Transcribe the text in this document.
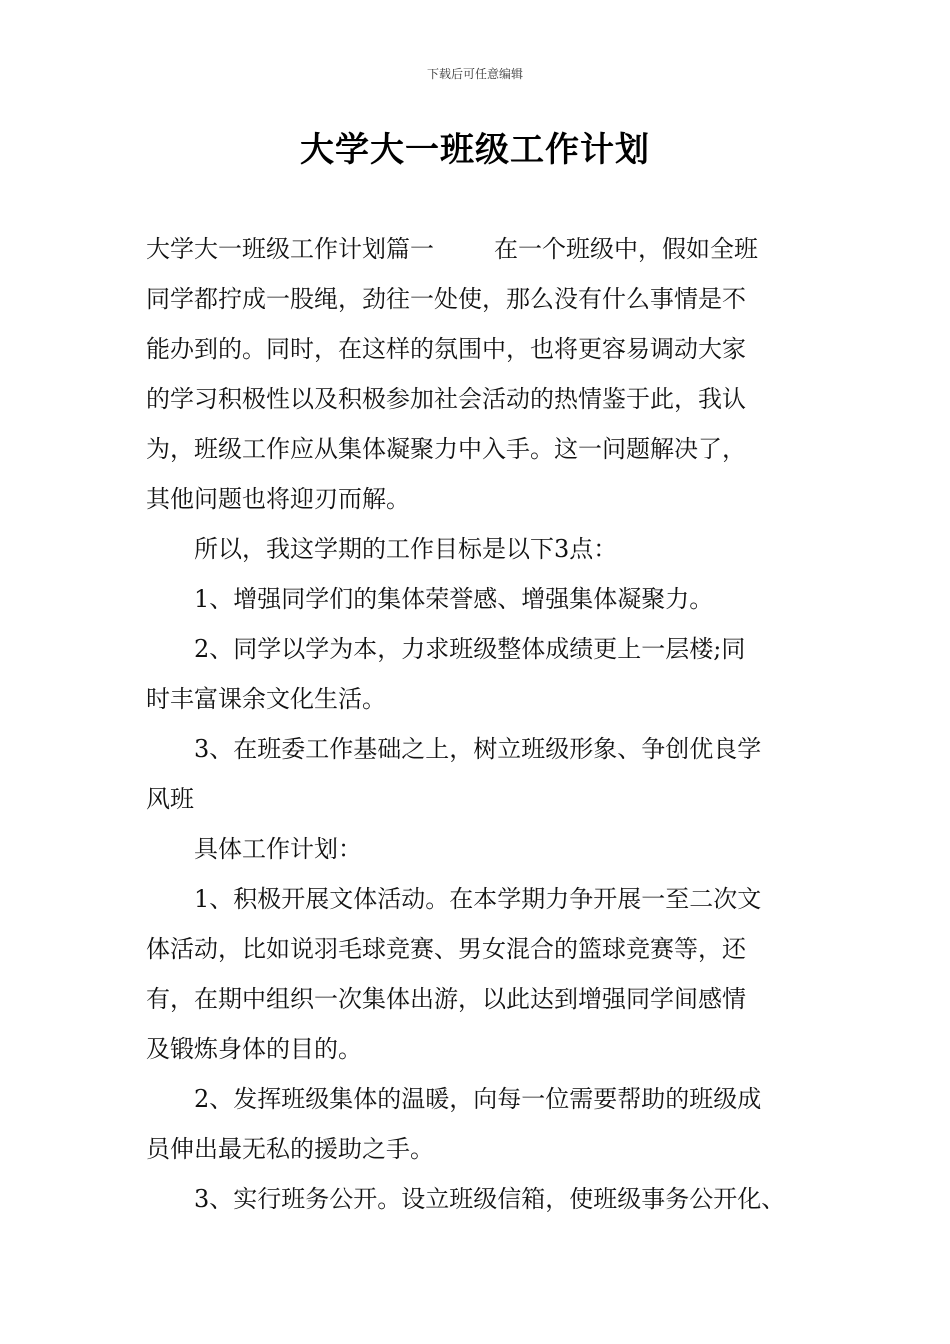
下载后可任意编辑
大学大一班级工作计划
大学大一班级工作计划篇一	在一个班级中，假如全班
同学都拧成一股绳，劲往一处使，那么没有什么事情是不
能办到的。同时，在这样的氛围中，也将更容易调动大家
的学习积极性以及积极参加社会活动的热情鉴于此，我认
为，班级工作应从集体凝聚力中入手。这一问题解决了，
其他问题也将迎刃而解。
所以，我这学期的工作目标是以下3点：
1、增强同学们的集体荣誉感、增强集体凝聚力。
2、同学以学为本，力求班级整体成绩更上一层楼;同
时丰富课余文化生活。
3、在班委工作基础之上，树立班级形象、争创优良学
风班
具体工作计划：
1、积极开展文体活动。在本学期力争开展一至二次文
体活动，比如说羽毛球竞赛、男女混合的篮球竞赛等，还
有，在期中组织一次集体出游，以此达到增强同学间感情
及锻炼身体的目的。
2、发挥班级集体的温暖，向每一位需要帮助的班级成
员伸出最无私的援助之手。
3、实行班务公开。设立班级信箱，使班级事务公开化、
